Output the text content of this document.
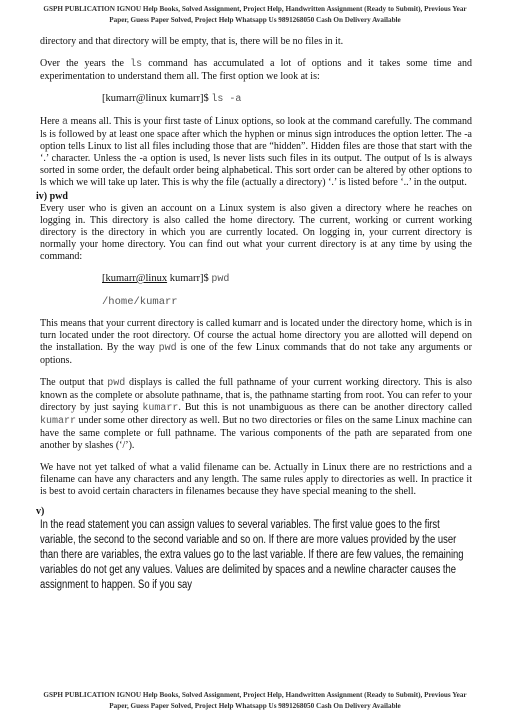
GSPH PUBLICATION IGNOU Help Books, Solved Assignment, Project Help, Handwritten Assignment (Ready to Submit), Previous Year Paper, Guess Paper Solved, Project Help Whatsapp Us 9891268050 Cash On Delivery Available

directory and that directory will be empty, that is, there will be no files in it.

Over the years the ls command has accumulated a lot of options and it takes some time and experimentation to understand them all. The first option we look at is:

[kumarr@linux kumarr]$ ls -a

Here a means all. This is your first taste of Linux options, so look at the command carefully. The command ls is followed by at least one space after which the hyphen or minus sign introduces the option letter. The -a option tells Linux to list all files including those that are “hidden”. Hidden files are those that start with the ‘.’ character. Unless the -a option is used, ls never lists such files in its output. The output of ls is always sorted in some order, the default order being alphabetical. This sort order can be altered by other options to ls which we will take up later. This is why the file (actually a directory) ‘.’ is listed before ‘..’ in the output.

iv) pwd

Every user who is given an account on a Linux system is also given a directory where he reaches on logging in. This directory is also called the home directory. The current, working or current working directory is the directory in which you are currently located. On logging in, your current directory is normally your home directory. You can find out what your current directory is at any time by using the command:

[kumarr@linux kumarr]$ pwd

/home/kumarr

This means that your current directory is called kumarr and is located under the directory home, which is in turn located under the root directory. Of course the actual home directory you are allotted will depend on the installation. By the way pwd is one of the few Linux commands that do not take any arguments or options.

The output that pwd displays is called the full pathname of your current working directory. This is also known as the complete or absolute pathname, that is, the pathname starting from root. You can refer to your directory by just saying kumarr. But this is not unambiguous as there can be another directory called kumarr under some other directory as well. But no two directories or files on the same Linux machine can have the same complete or full pathname. The various components of the path are separated from one another by slashes (‘/’).

We have not yet talked of what a valid filename can be. Actually in Linux there are no restrictions and a filename can have any characters and any length. The same rules apply to directories as well. In practice it is best to avoid certain characters in filenames because they have special meaning to the shell.

v)

In the read statement you can assign values to several variables. The first value goes to the first variable, the second to the second variable and so on. If there are more values provided by the user than there are variables, the extra values go to the last variable. If there are few values, the remaining variables do not get any values. Values are delimited by spaces and a newline character causes the assignment to happen. So if you say

GSPH PUBLICATION IGNOU Help Books, Solved Assignment, Project Help, Handwritten Assignment (Ready to Submit), Previous Year Paper, Guess Paper Solved, Project Help Whatsapp Us 9891268050 Cash On Delivery Available
